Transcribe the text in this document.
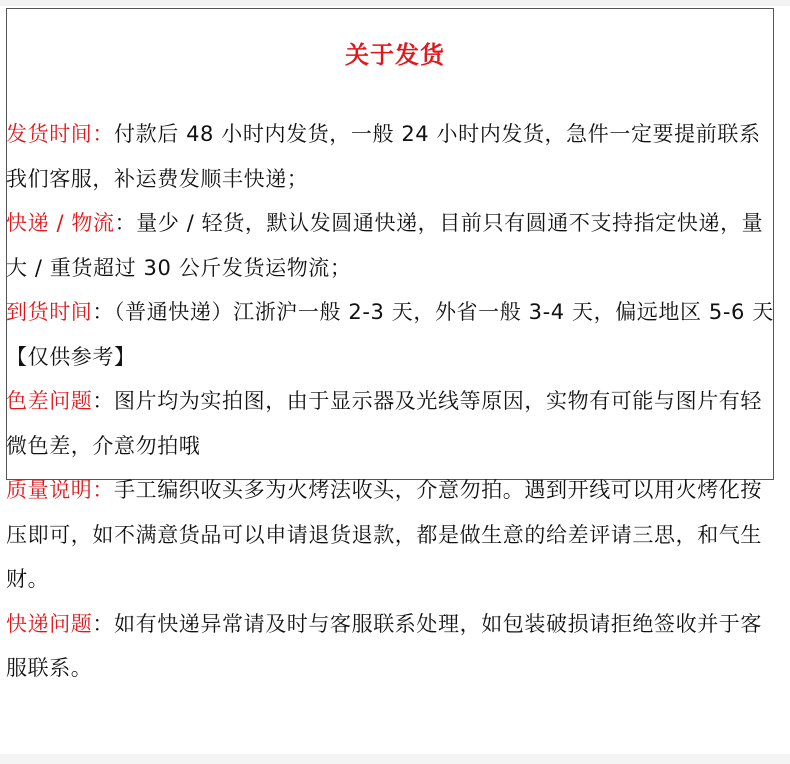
关于发货

发货时间：付款后 48 小时内发货，一般 24 小时内发货，急件一定要提前联系我们客服，补运费发顺丰快递；

快递 / 物流：量少 / 轻货，默认发圆通快递，目前只有圆通不支持指定快递，量大 / 重货超过 30 公斤发货运物流；

到货时间：（普通快递）江浙沪一般 2-3 天，外省一般 3-4 天，偏远地区 5-6 天【仅供参考】

色差问题：图片均为实拍图，由于显示器及光线等原因，实物有可能与图片有轻微色差，介意勿拍哦

质量说明：手工编织收头多为火烤法收头，介意勿拍。遇到开线可以用火烤化按压即可，如不满意货品可以申请退货退款，都是做生意的给差评请三思，和气生财。

快递问题：如有快递异常请及时与客服联系处理，如包装破损请拒绝签收并于客服联系。
